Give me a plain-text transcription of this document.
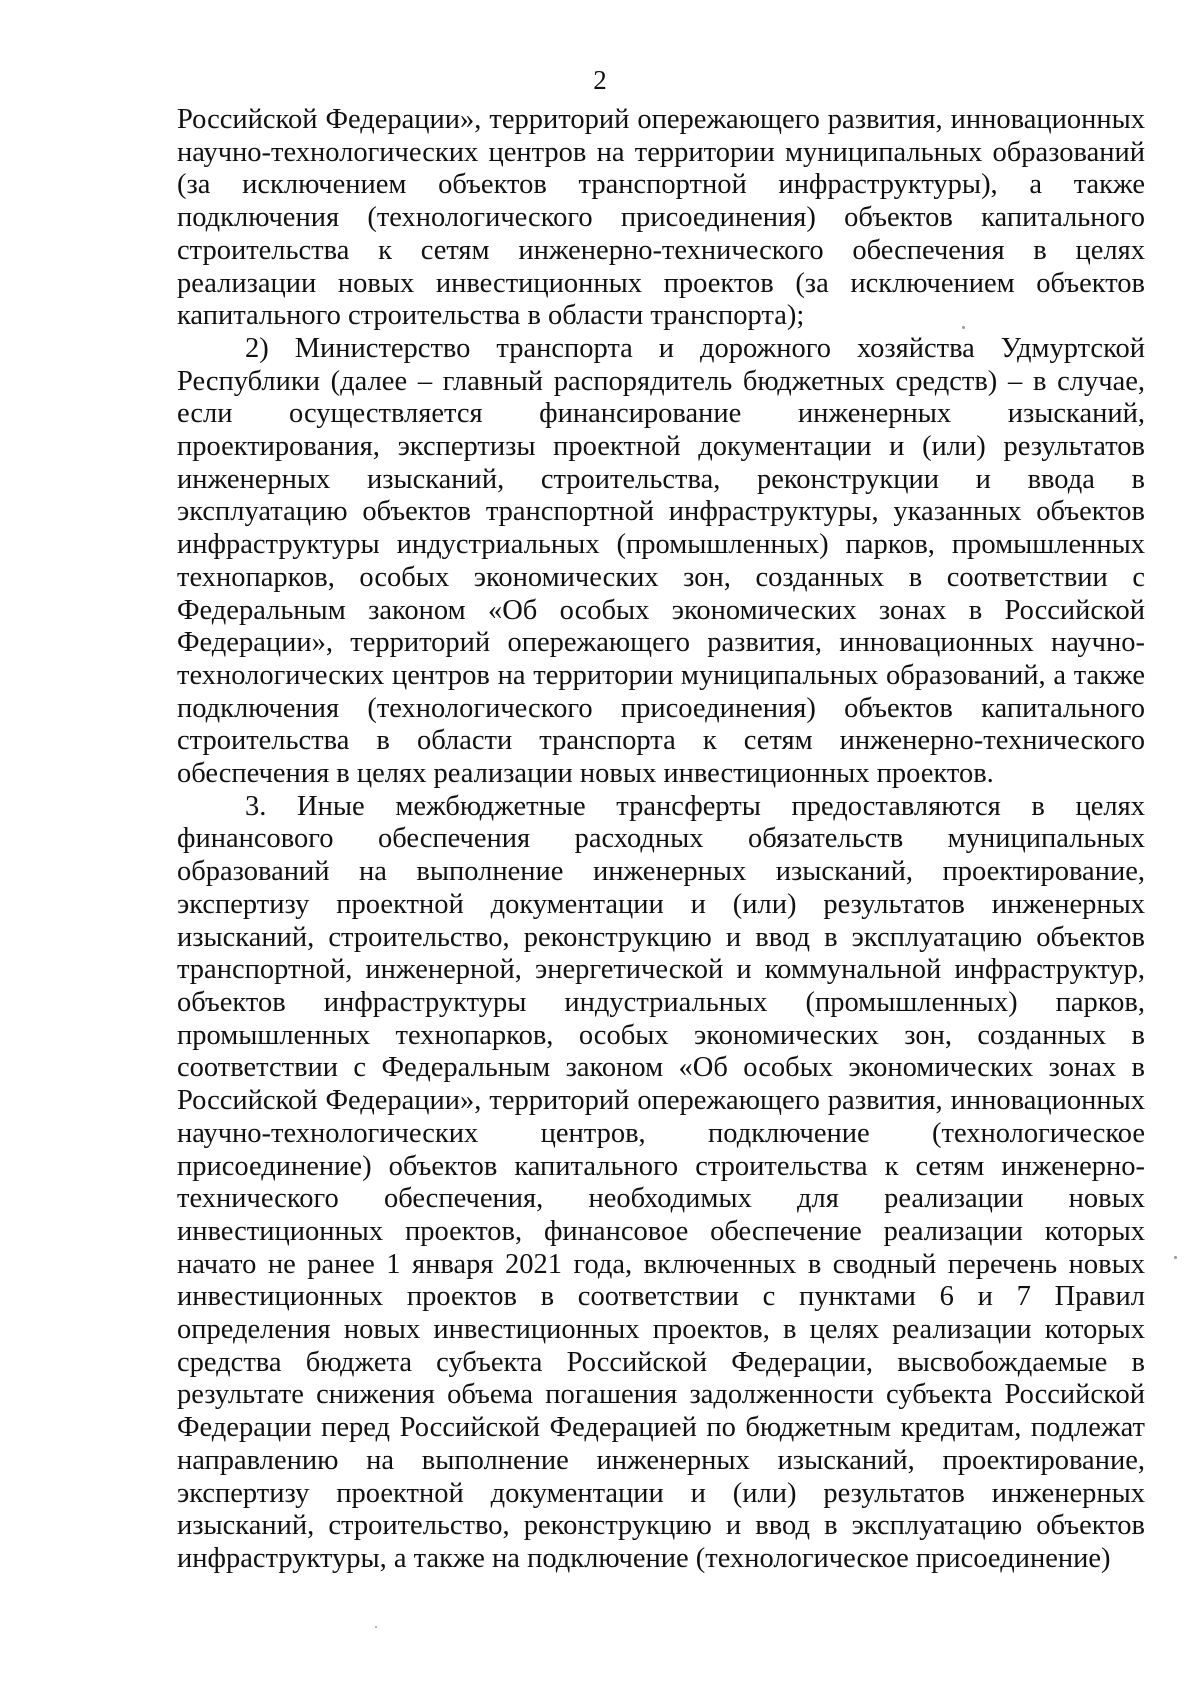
2

Российской Федерации», территорий опережающего развития, инновационных научно-технологических центров на территории муниципальных образований (за исключением объектов транспортной инфраструктуры), а также подключения (технологического присоединения) объектов капитального строительства к сетям инженерно-технического обеспечения в целях реализации новых инвестиционных проектов (за исключением объектов капитального строительства в области транспорта);

2) Министерство транспорта и дорожного хозяйства Удмуртской Республики (далее – главный распорядитель бюджетных средств) – в случае, если осуществляется финансирование инженерных изысканий, проектирования, экспертизы проектной документации и (или) результатов инженерных изысканий, строительства, реконструкции и ввода в эксплуатацию объектов транспортной инфраструктуры, указанных объектов инфраструктуры индустриальных (промышленных) парков, промышленных технопарков, особых экономических зон, созданных в соответствии с Федеральным законом «Об особых экономических зонах в Российской Федерации», территорий опережающего развития, инновационных научно-технологических центров на территории муниципальных образований, а также подключения (технологического присоединения) объектов капитального строительства в области транспорта к сетям инженерно-технического обеспечения в целях реализации новых инвестиционных проектов.

3. Иные межбюджетные трансферты предоставляются в целях финансового обеспечения расходных обязательств муниципальных образований на выполнение инженерных изысканий, проектирование, экспертизу проектной документации и (или) результатов инженерных изысканий, строительство, реконструкцию и ввод в эксплуатацию объектов транспортной, инженерной, энергетической и коммунальной инфраструктур, объектов инфраструктуры индустриальных (промышленных) парков, промышленных технопарков, особых экономических зон, созданных в соответствии с Федеральным законом «Об особых экономических зонах в Российской Федерации», территорий опережающего развития, инновационных научно-технологических центров, подключение (технологическое присоединение) объектов капитального строительства к сетям инженерно-технического обеспечения, необходимых для реализации новых инвестиционных проектов, финансовое обеспечение реализации которых начато не ранее 1 января 2021 года, включенных в сводный перечень новых инвестиционных проектов в соответствии с пунктами 6 и 7 Правил определения новых инвестиционных проектов, в целях реализации которых средства бюджета субъекта Российской Федерации, высвобождаемые в результате снижения объема погашения задолженности субъекта Российской Федерации перед Российской Федерацией по бюджетным кредитам, подлежат направлению на выполнение инженерных изысканий, проектирование, экспертизу проектной документации и (или) результатов инженерных изысканий, строительство, реконструкцию и ввод в эксплуатацию объектов инфраструктуры, а также на подключение (технологическое присоединение)
